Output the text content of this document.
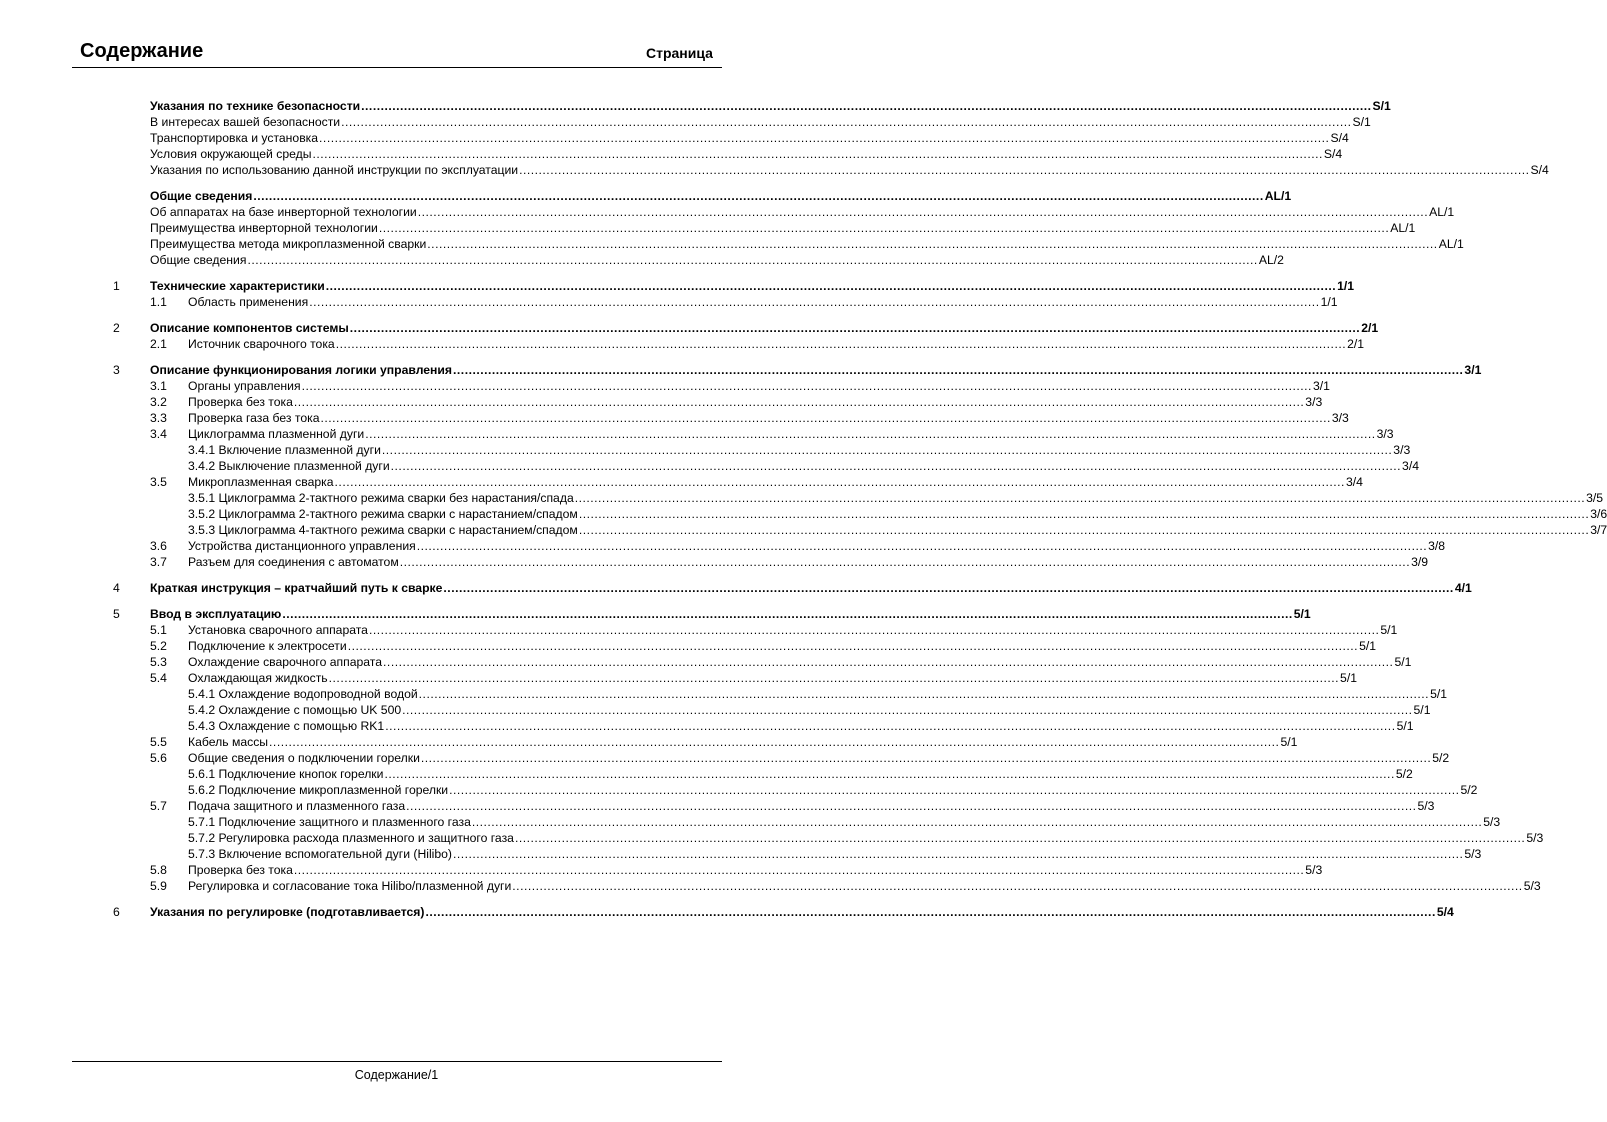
Содержание	Страница
Указания по технике безопасности .................................................................................................................................................................................................................................................................... S/1
В интересах вашей безопасности .................................................................................................................................................................................................................................................................... S/1
Транспортировка и установка .................................................................................................................................................................................................................................................................... S/4
Условия окружающей среды .................................................................................................................................................................................................................................................................... S/4
Указания по использованию данной инструкции по эксплуатации .................................................................................................................................................................................................................................................................... S/4
Общие сведения .................................................................................................................................................................................................................................................................... AL/1
Об аппаратах на базе инверторной технологии .................................................................................................................................................................................................................................................................... AL/1
Преимущества инверторной технологии .................................................................................................................................................................................................................................................................... AL/1
Преимущества метода микроплазменной сварки .................................................................................................................................................................................................................................................................... AL/1
Общие сведения .................................................................................................................................................................................................................................................................... AL/2
1 Технические характеристики .................................................................................................................................................................................................................................................................... 1/1
1.1 Область применения .................................................................................................................................................................................................................................................................... 1/1
2 Описание компонентов системы .................................................................................................................................................................................................................................................................... 2/1
2.1 Источник сварочного тока .................................................................................................................................................................................................................................................................... 2/1
3 Описание функционирования логики управления .................................................................................................................................................................................................................................................................... 3/1
3.1 Органы управления .................................................................................................................................................................................................................................................................... 3/1
3.2 Проверка без тока .................................................................................................................................................................................................................................................................... 3/3
3.3 Проверка газа без тока .................................................................................................................................................................................................................................................................... 3/3
3.4 Циклограмма плазменной дуги .................................................................................................................................................................................................................................................................... 3/3
3.4.1 Включение плазменной дуги .................................................................................................................................................................................................................................................................... 3/3
3.4.2 Выключение плазменной дуги .................................................................................................................................................................................................................................................................... 3/4
3.5 Микроплазменная сварка .................................................................................................................................................................................................................................................................... 3/4
3.5.1 Циклограмма 2-тактного режима сварки без нарастания/спада .................................................................................................................................................................................................................................................................... 3/5
3.5.2 Циклограмма 2-тактного режима сварки с нарастанием/спадом .................................................................................................................................................................................................................................................................... 3/6
3.5.3 Циклограмма 4-тактного режима сварки с нарастанием/спадом .................................................................................................................................................................................................................................................................... 3/7
3.6 Устройства дистанционного управления .................................................................................................................................................................................................................................................................... 3/8
3.7 Разъем для соединения с автоматом .................................................................................................................................................................................................................................................................... 3/9
4 Краткая инструкция – кратчайший путь к сварке .................................................................................................................................................................................................................................................................... 4/1
5 Ввод в эксплуатацию .................................................................................................................................................................................................................................................................... 5/1
5.1 Установка сварочного аппарата .................................................................................................................................................................................................................................................................... 5/1
5.2 Подключение к электросети .................................................................................................................................................................................................................................................................... 5/1
5.3 Охлаждение сварочного аппарата .................................................................................................................................................................................................................................................................... 5/1
5.4 Охлаждающая жидкость .................................................................................................................................................................................................................................................................... 5/1
5.4.1 Охлаждение водопроводной водой .................................................................................................................................................................................................................................................................... 5/1
5.4.2 Охлаждение с помощью UK 500 .................................................................................................................................................................................................................................................................... 5/1
5.4.3 Охлаждение с помощью RK1 .................................................................................................................................................................................................................................................................... 5/1
5.5 Кабель массы .................................................................................................................................................................................................................................................................... 5/1
5.6 Общие сведения о подключении горелки .................................................................................................................................................................................................................................................................... 5/2
5.6.1 Подключение кнопок горелки .................................................................................................................................................................................................................................................................... 5/2
5.6.2 Подключение микроплазменной горелки .................................................................................................................................................................................................................................................................... 5/2
5.7 Подача защитного и плазменного газа .................................................................................................................................................................................................................................................................... 5/3
5.7.1 Подключение защитного и плазменного газа .................................................................................................................................................................................................................................................................... 5/3
5.7.2 Регулировка расхода плазменного и защитного газа .................................................................................................................................................................................................................................................................... 5/3
5.7.3 Включение вспомогательной дуги (Hilibo) .................................................................................................................................................................................................................................................................... 5/3
5.8 Проверка без тока .................................................................................................................................................................................................................................................................... 5/3
5.9 Регулировка и согласование тока Hilibo/плазменной дуги .................................................................................................................................................................................................................................................................... 5/3
6 Указания по регулировке (подготавливается) .................................................................................................................................................................................................................................................................... 5/4
Содержание/1
